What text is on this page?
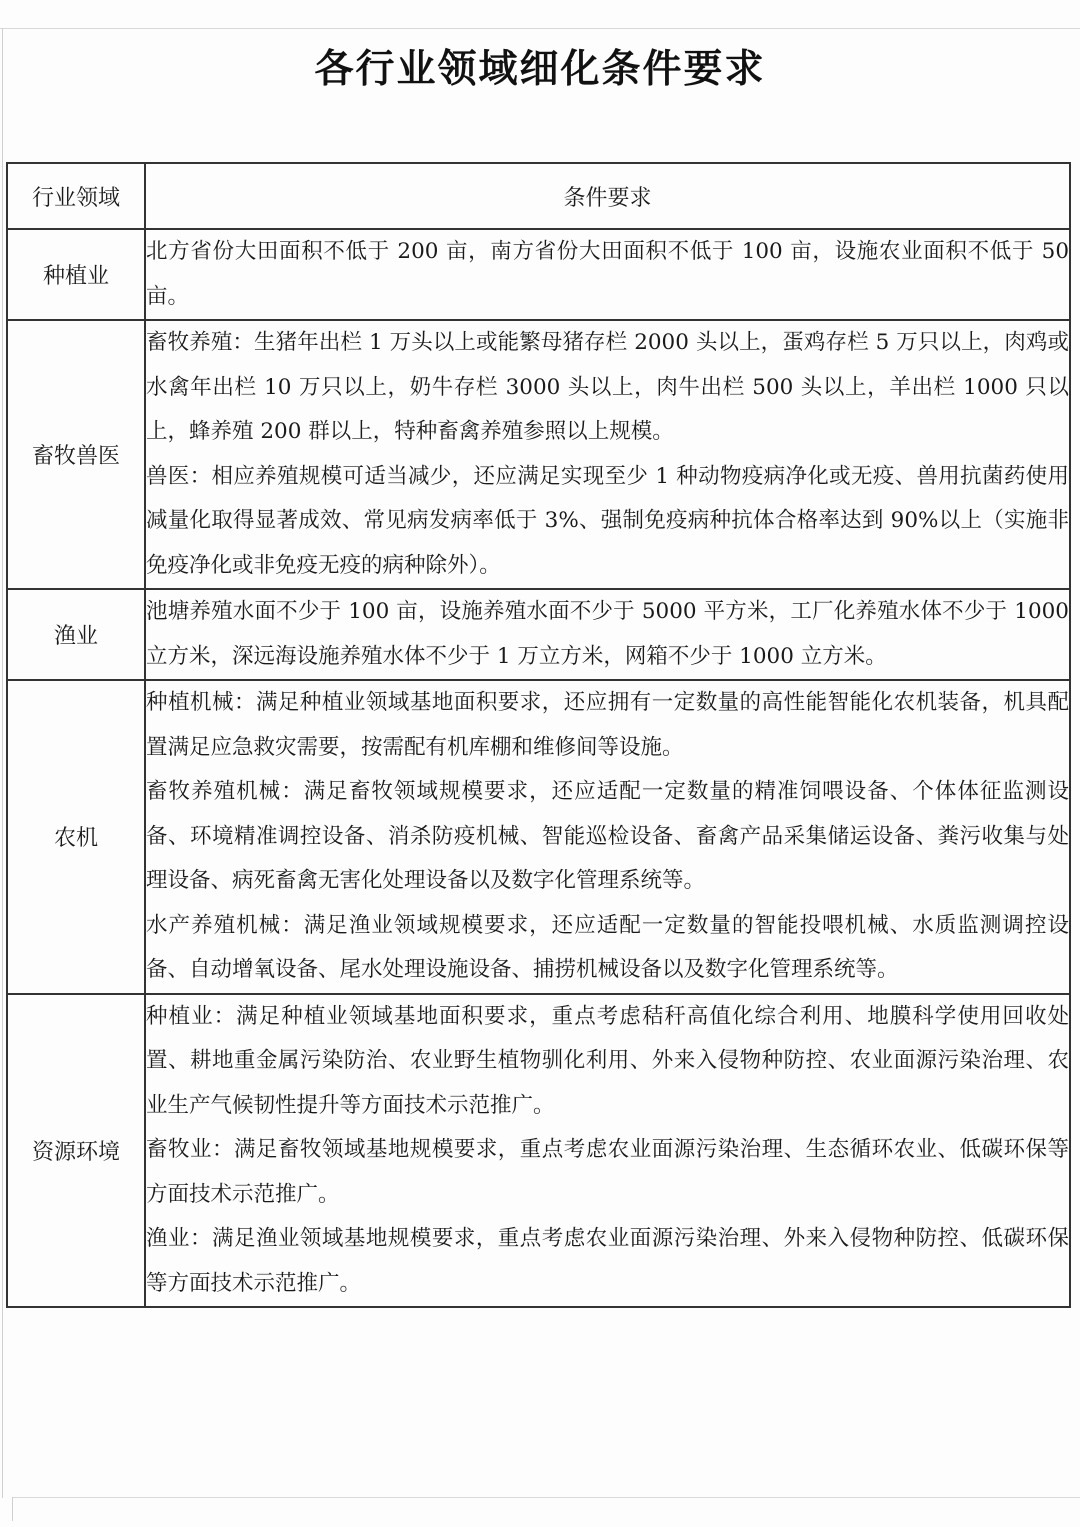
各行业领域细化条件要求
行业领域	条件要求
种植业	北方省份大田面积不低于 200 亩，南方省份大田面积不低于 100 亩，设施农业面积不低于 50 亩。

畜牧兽医	畜牧养殖：生猪年出栏 1 万头以上或能繁母猪存栏 2000 头以上，蛋鸡存栏 5 万只以上，肉鸡或水禽年出栏 10 万只以上，奶牛存栏 3000 头以上，肉牛出栏 500 头以上，羊出栏 1000 只以上，蜂养殖 200 群以上，特种畜禽养殖参照以上规模。

兽医：相应养殖规模可适当减少，还应满足实现至少 1 种动物疫病净化或无疫、兽用抗菌药使用减量化取得显著成效、常见病发病率低于 3%、强制免疫病种抗体合格率达到 90%以上（实施非免疫净化或非免疫无疫的病种除外）。

渔业	池塘养殖水面不少于 100 亩，设施养殖水面不少于 5000 平方米，工厂化养殖水体不少于 1000 立方米，深远海设施养殖水体不少于 1 万立方米，网箱不少于 1000 立方米。

农机	种植机械：满足种植业领域基地面积要求，还应拥有一定数量的高性能智能化农机装备，机具配置满足应急救灾需要，按需配有机库棚和维修间等设施。

畜牧养殖机械：满足畜牧领域规模要求，还应适配一定数量的精准饲喂设备、个体体征监测设备、环境精准调控设备、消杀防疫机械、智能巡检设备、畜禽产品采集储运设备、粪污收集与处理设备、病死畜禽无害化处理设备以及数字化管理系统等。

水产养殖机械：满足渔业领域规模要求，还应适配一定数量的智能投喂机械、水质监测调控设备、自动增氧设备、尾水处理设施设备、捕捞机械设备以及数字化管理系统等。

资源环境	种植业：满足种植业领域基地面积要求，重点考虑秸秆高值化综合利用、地膜科学使用回收处置、耕地重金属污染防治、农业野生植物驯化利用、外来入侵物种防控、农业面源污染治理、农业生产气候韧性提升等方面技术示范推广。

畜牧业：满足畜牧领域基地规模要求，重点考虑农业面源污染治理、生态循环农业、低碳环保等方面技术示范推广。

渔业：满足渔业领域基地规模要求，重点考虑农业面源污染治理、外来入侵物种防控、低碳环保等方面技术示范推广。
